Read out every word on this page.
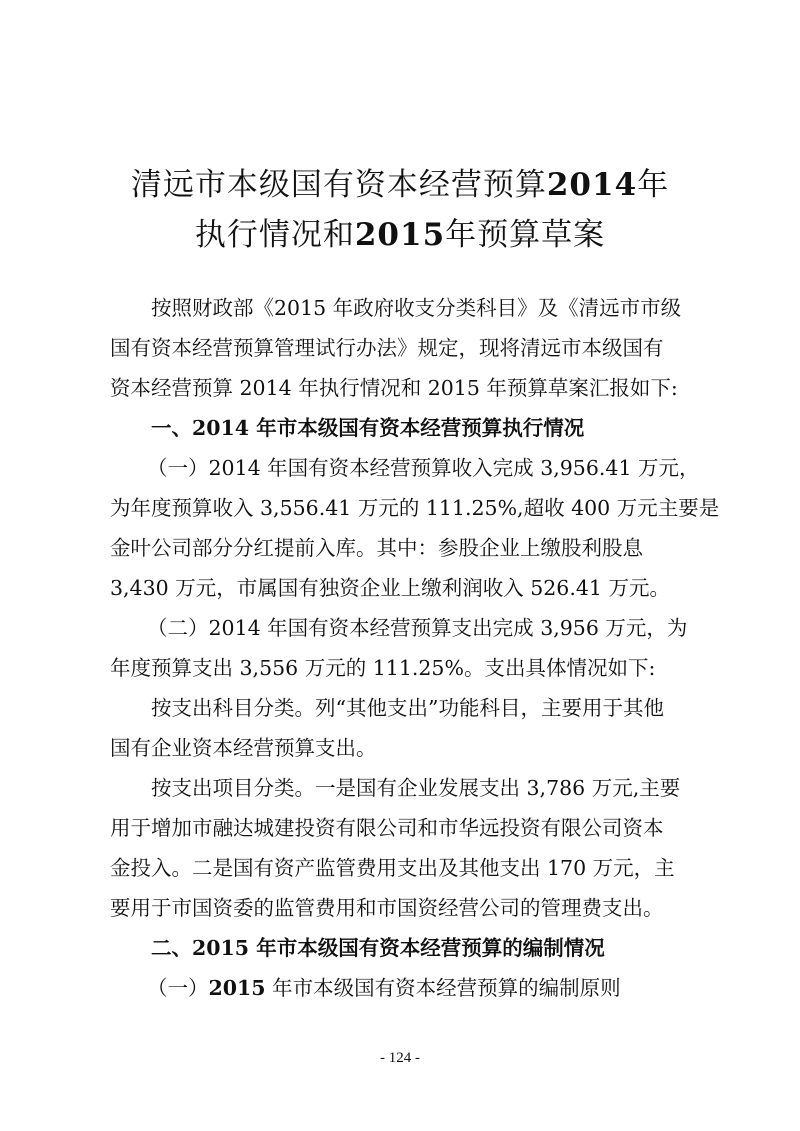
清远市本级国有资本经营预算2014年
执行情况和2015年预算草案
按照财政部《2015 年政府收支分类科目》及《清远市市级
国有资本经营预算管理试行办法》规定，现将清远市本级国有
资本经营预算 2014 年执行情况和 2015 年预算草案汇报如下:
一、2014 年市本级国有资本经营预算执行情况
（一）2014 年国有资本经营预算收入完成 3,956.41 万元，
为年度预算收入 3,556.41 万元的 111.25%,超收 400 万元主要是
金叶公司部分分红提前入库。其中：参股企业上缴股利股息
3,430 万元，市属国有独资企业上缴利润收入 526.41 万元。
（二）2014 年国有资本经营预算支出完成 3,956 万元，为
年度预算支出 3,556 万元的 111.25%。支出具体情况如下:
按支出科目分类。列“其他支出”功能科目，主要用于其他
国有企业资本经营预算支出。
按支出项目分类。一是国有企业发展支出 3,786 万元,主要
用于增加市融达城建投资有限公司和市华远投资有限公司资本
金投入。二是国有资产监管费用支出及其他支出 170 万元，主
要用于市国资委的监管费用和市国资经营公司的管理费支出。
二、2015 年市本级国有资本经营预算的编制情况
（一）2015 年市本级国有资本经营预算的编制原则
- 124 -
